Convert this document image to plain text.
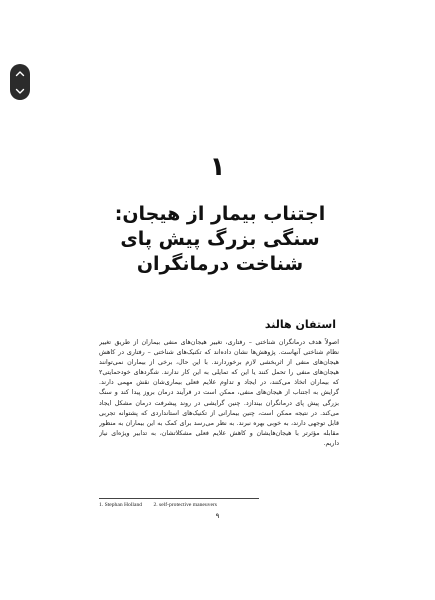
۱
اجتناب بیمار از هیجان:
سنگی بزرگ پیش پای
شناخت درمانگران
استفان هالند
اصولاً هدف درمانگران شناختی – رفتاری، تغییر هیجان‌های منفی بیماران از طریق تغییر
نظام شناختی آنهاست. پژوهش‌ها نشان داده‌اند که تکنیک‌های شناختی – رفتاری در کاهش
هیجان‌های منفی از اثربخشی لازم برخوردارند. با این حال، برخی از بیماران نمی‌توانند
هیجان‌های منفی را تحمل کنند یا این که تمایلی به این کار ندارند. شگردهای خودحمایتی۲
که بیماران اتخاذ می‌کنند، در ایجاد و تداوم علایم فعلی بیماری‌شان نقش مهمی دارند.
گرایش به اجتناب از هیجان‌های منفی، ممکن است در فرآیند درمان بروز پیدا کند و سنگ
بزرگی پیش پای درمانگران بیندازد. چنین گرایشی در روند پیشرفت درمان مشکل ایجاد
می‌کند. در نتیجه ممکن است، چنین بیمارانی از تکنیک‌های استانداردی که پشتوانه تجربی
قابل توجهی دارند، به خوبی بهره نبرند. به نظر می‌رسد برای کمک به این بیماران به منظور
مقابله مؤثرتر با هیجان‌هایشان و کاهش علایم فعلی مشکلاتشان، به تدابیر ویژه‌ای نیاز
داریم.
1. Stephan Holland 2. self-protective maneuvers
۹
